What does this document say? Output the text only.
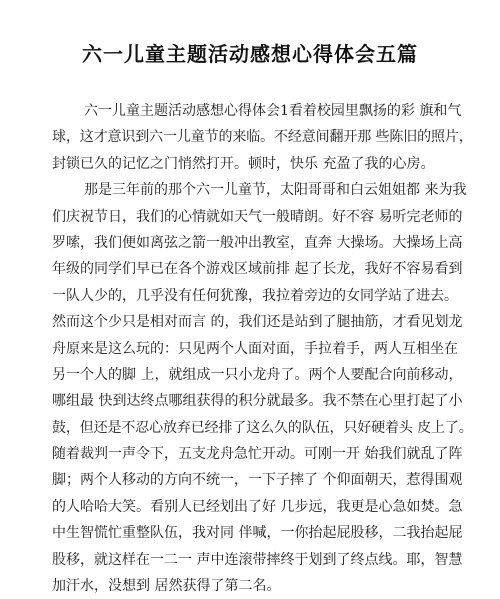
六一儿童主题活动感想心得体会五篇
六一儿童主题活动感想心得体会1看着校园里飘扬的彩 旗和气
球，这才意识到六一儿童节的来临。不经意间翻开那 些陈旧的照片，
封锁已久的记忆之门悄然打开。顿时，快乐 充盈了我的心房。
那是三年前的那个六一儿童节，太阳哥哥和白云姐姐都 来为我
们庆祝节日，我们的心情就如天气一般晴朗。好不容 易听完老师的
罗嗦，我们便如离弦之箭一般冲出教室，直奔 大操场。大操场上高
年级的同学们早已在各个游戏区域前排 起了长龙，我好不容易看到
一队人少的，几乎没有任何犹豫，我拉着旁边的女同学站了进去。
然而这个少只是相对而言 的，我们还是站到了腿抽筋，才看见划龙
舟原来是这么玩的：只见两个人面对面，手拉着手，两人互相坐在
另一个人的脚 上，就组成一只小龙舟了。两个人要配合向前移动，
哪组最 快到达终点哪组获得的积分就最多。我不禁在心里打起了小
鼓，但还是不忍心放弃已经排了这么久的队伍，只好硬着头 皮上了。
随着裁判一声令下，五支龙舟急忙开动。可刚一开 始我们就乱了阵
脚；两个人移动的方向不统一，一下子摔了 个仰面朝天，惹得围观
的人哈哈大笑。看别人已经划出了好 几步远，我更是心急如焚。急
中生智慌忙重整队伍，我对同 伴喊，一你抬起屁股移，二我抬起屁
股移，就这样在一二一 声中连滚带摔终于划到了终点线。耶，智慧
加汗水，没想到 居然获得了第二名。
